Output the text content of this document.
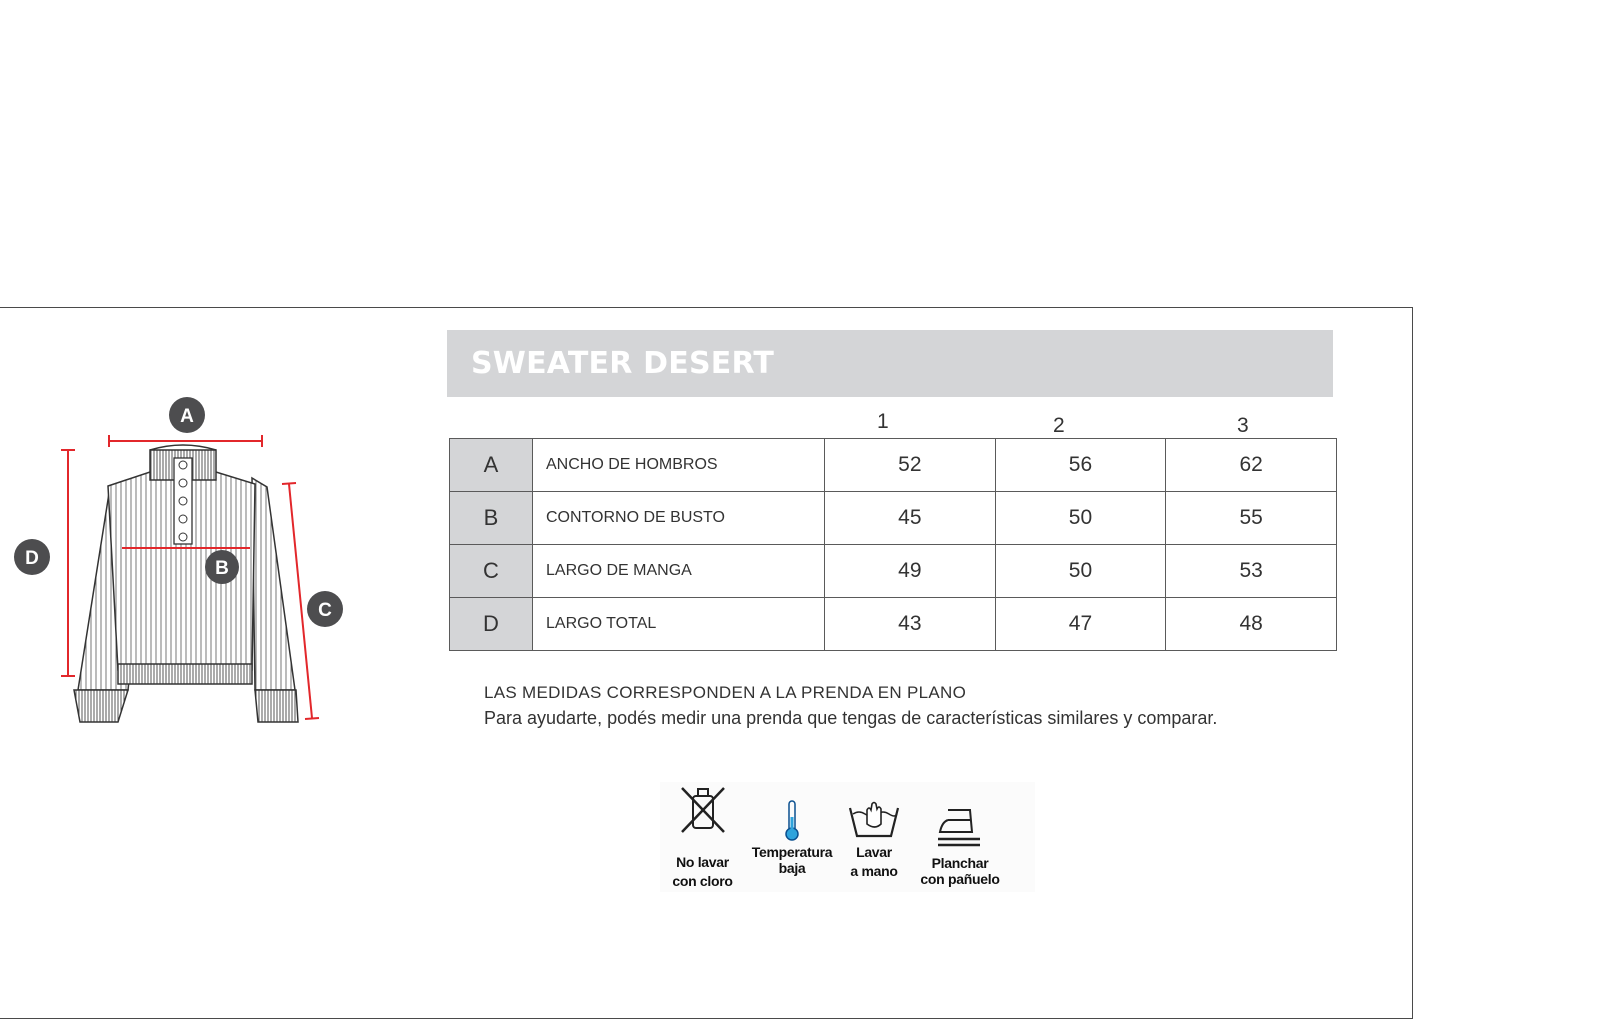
A
B
C
D
SWEATER DESERT
1	2	3
A	ANCHO DE HOMBROS	52	56	62
B	CONTORNO DE BUSTO	45	50	55
C	LARGO DE MANGA	49	50	53
D	LARGO TOTAL	43	47	48
LAS MEDIDAS CORRESPONDEN A LA PRENDA EN PLANO
Para ayudarte, podés medir una prenda que tengas de características similares y comparar.
No lavar
con cloro
Temperatura
baja
Lavar
a mano	Planchar
con pañuelo
